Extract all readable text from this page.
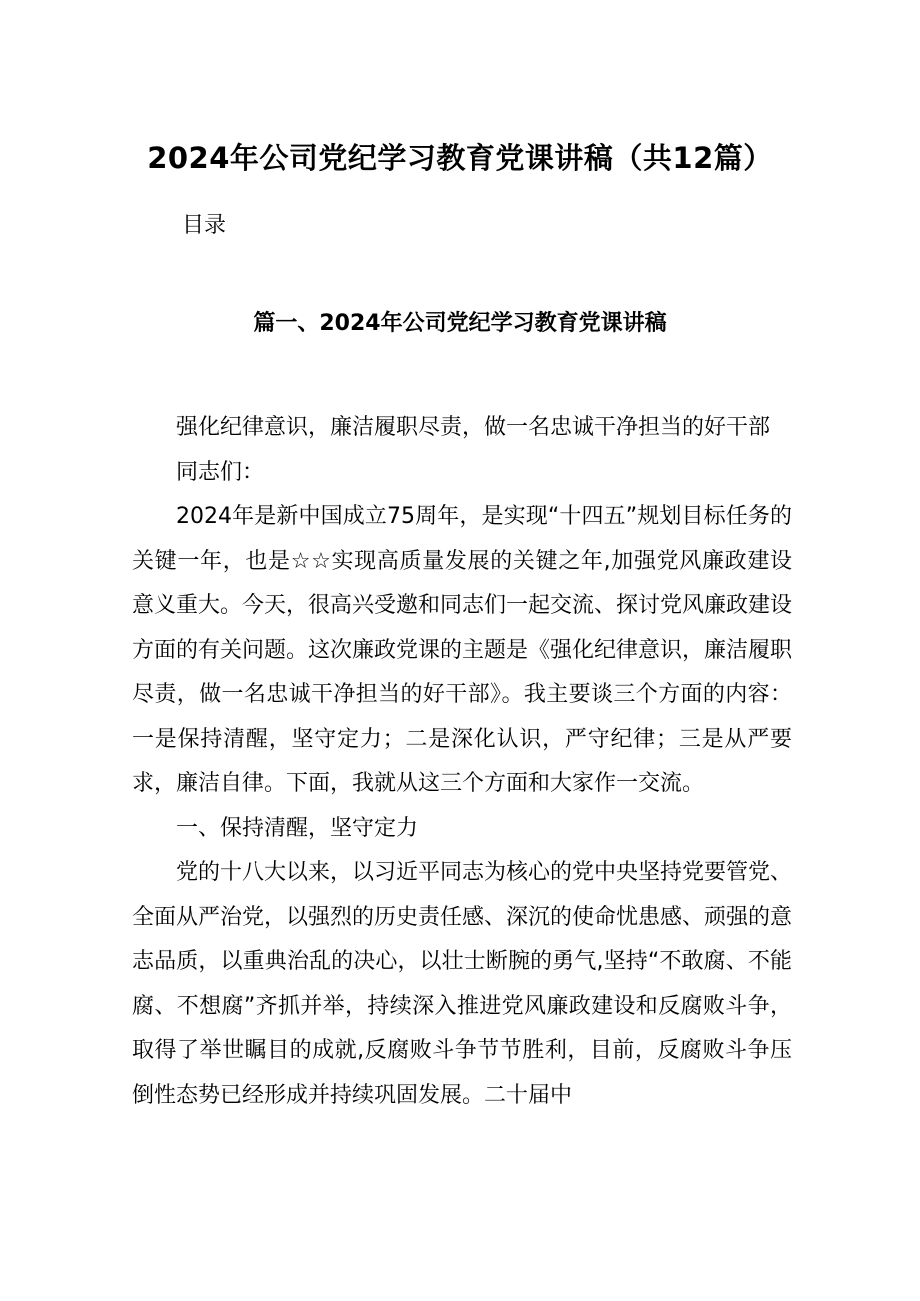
2024年公司党纪学习教育党课讲稿（共12篇）
目录
篇一、2024年公司党纪学习教育党课讲稿

强化纪律意识，廉洁履职尽责，做一名忠诚干净担当的好干部

同志们：

2024年是新中国成立75周年，是实现“十四五”规划目标任务的关键一年，也是☆☆实现高质量发展的关键之年,加强党风廉政建设意义重大。今天，很高兴受邀和同志们一起交流、探讨党风廉政建设方面的有关问题。这次廉政党课的主题是《强化纪律意识，廉洁履职尽责，做一名忠诚干净担当的好干部》。我主要谈三个方面的内容：一是保持清醒，坚守定力；二是深化认识，严守纪律；三是从严要求，廉洁自律。下面，我就从这三个方面和大家作一交流。

一、保持清醒，坚守定力

党的十八大以来，以习近平同志为核心的党中央坚持党要管党、全面从严治党，以强烈的历史责任感、深沉的使命忧患感、顽强的意志品质，以重典治乱的决心，以壮士断腕的勇气,坚持“不敢腐、不能腐、不想腐”齐抓并举，持续深入推进党风廉政建设和反腐败斗争，取得了举世瞩目的成就,反腐败斗争节节胜利，目前，反腐败斗争压倒性态势已经形成并持续巩固发展。二十届中
